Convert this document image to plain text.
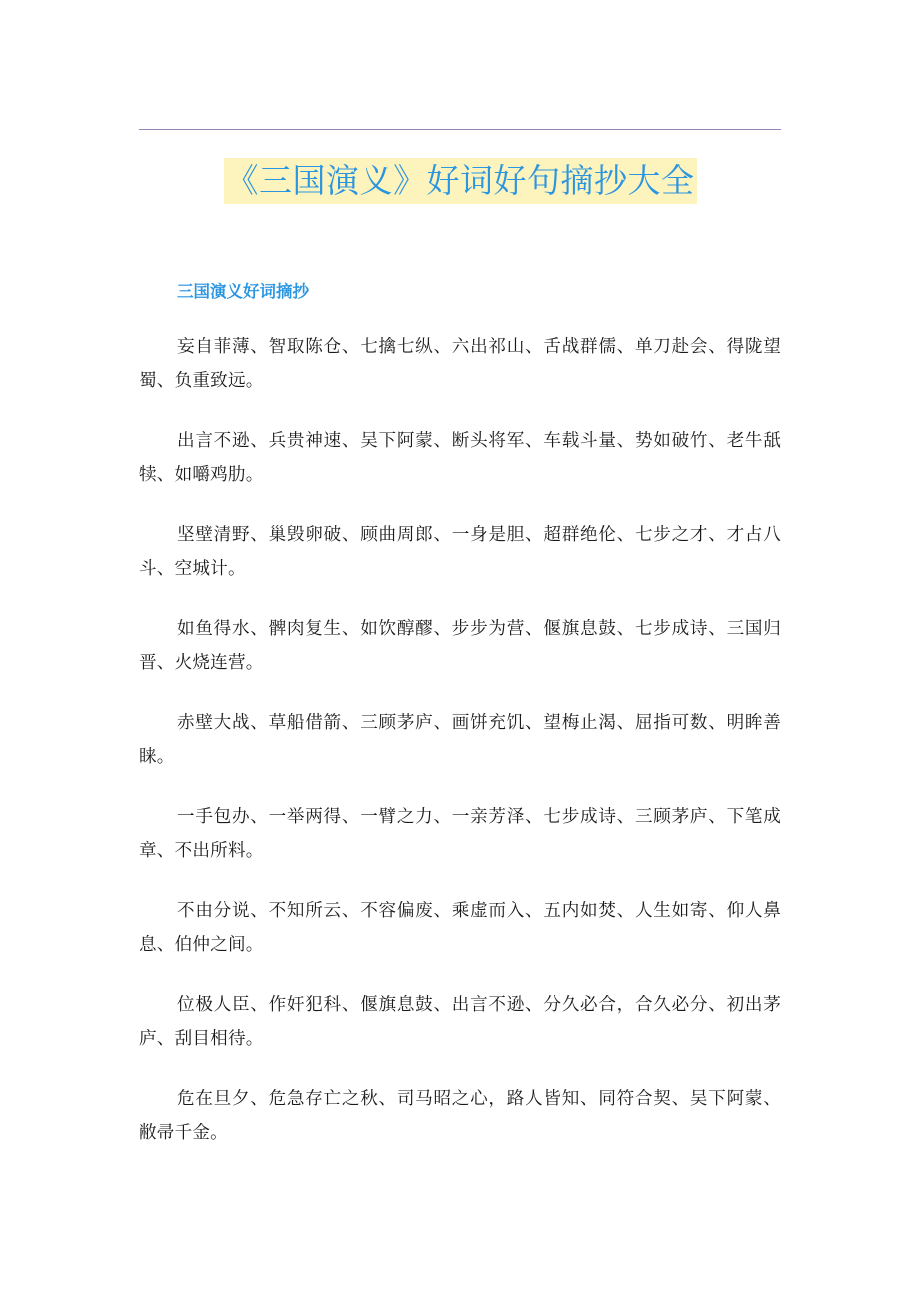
《三国演义》好词好句摘抄大全
三国演义好词摘抄

妄自菲薄、智取陈仓、七擒七纵、六出祁山、舌战群儒、单刀赴会、得陇望蜀、负重致远。

出言不逊、兵贵神速、吴下阿蒙、断头将军、车载斗量、势如破竹、老牛舐犊、如嚼鸡肋。

坚壁清野、巢毁卵破、顾曲周郎、一身是胆、超群绝伦、七步之才、才占八斗、空城计。

如鱼得水、髀肉复生、如饮醇醪、步步为营、偃旗息鼓、七步成诗、三国归晋、火烧连营。

赤壁大战、草船借箭、三顾茅庐、画饼充饥、望梅止渴、屈指可数、明眸善睐。

一手包办、一举两得、一臂之力、一亲芳泽、七步成诗、三顾茅庐、下笔成章、不出所料。

不由分说、不知所云、不容偏废、乘虚而入、五内如焚、人生如寄、仰人鼻息、伯仲之间。

位极人臣、作奸犯科、偃旗息鼓、出言不逊、分久必合，合久必分、初出茅庐、刮目相待。

危在旦夕、危急存亡之秋、司马昭之心，路人皆知、同符合契、吴下阿蒙、敝帚千金。
